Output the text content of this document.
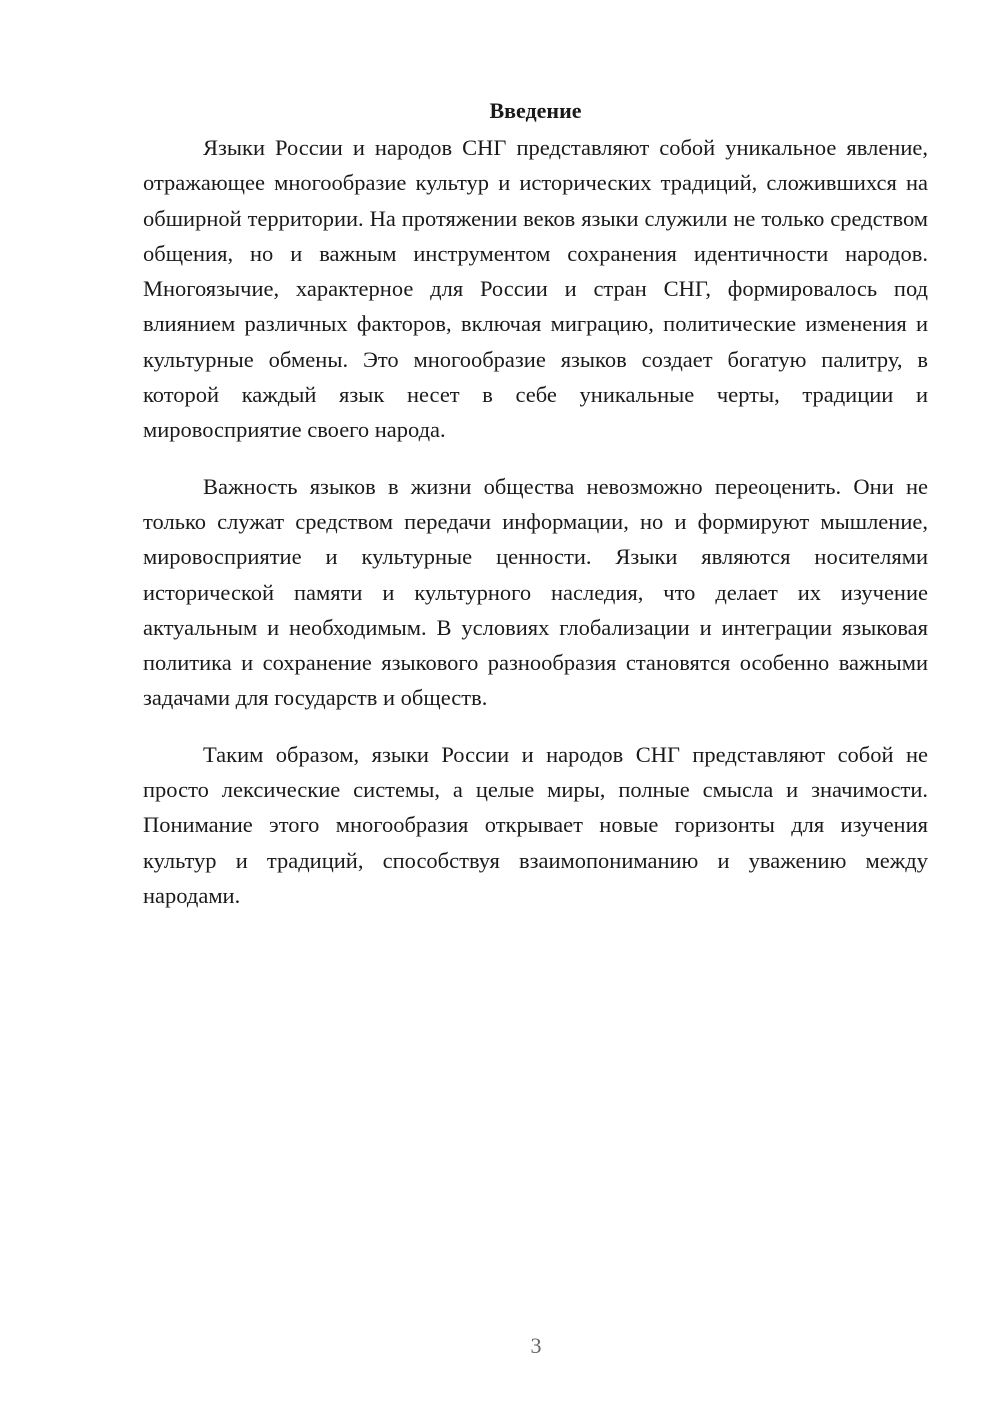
Введение

Языки России и народов СНГ представляют собой уникальное явление, отражающее многообразие культур и исторических традиций, сложившихся на обширной территории. На протяжении веков языки служили не только средством общения, но и важным инструментом сохранения идентичности народов. Многоязычие, характерное для России и стран СНГ, формировалось под влиянием различных факторов, включая миграцию, политические изменения и культурные обмены. Это многообразие языков создает богатую палитру, в которой каждый язык несет в себе уникальные черты, традиции и мировосприятие своего народа.

Важность языков в жизни общества невозможно переоценить. Они не только служат средством передачи информации, но и формируют мышление, мировосприятие и культурные ценности. Языки являются носителями исторической памяти и культурного наследия, что делает их изучение актуальным и необходимым. В условиях глобализации и интеграции языковая политика и сохранение языкового разнообразия становятся особенно важными задачами для государств и обществ.

Таким образом, языки России и народов СНГ представляют собой не просто лексические системы, а целые миры, полные смысла и значимости. Понимание этого многообразия открывает новые горизонты для изучения культур и традиций, способствуя взаимопониманию и уважению между народами.

3
